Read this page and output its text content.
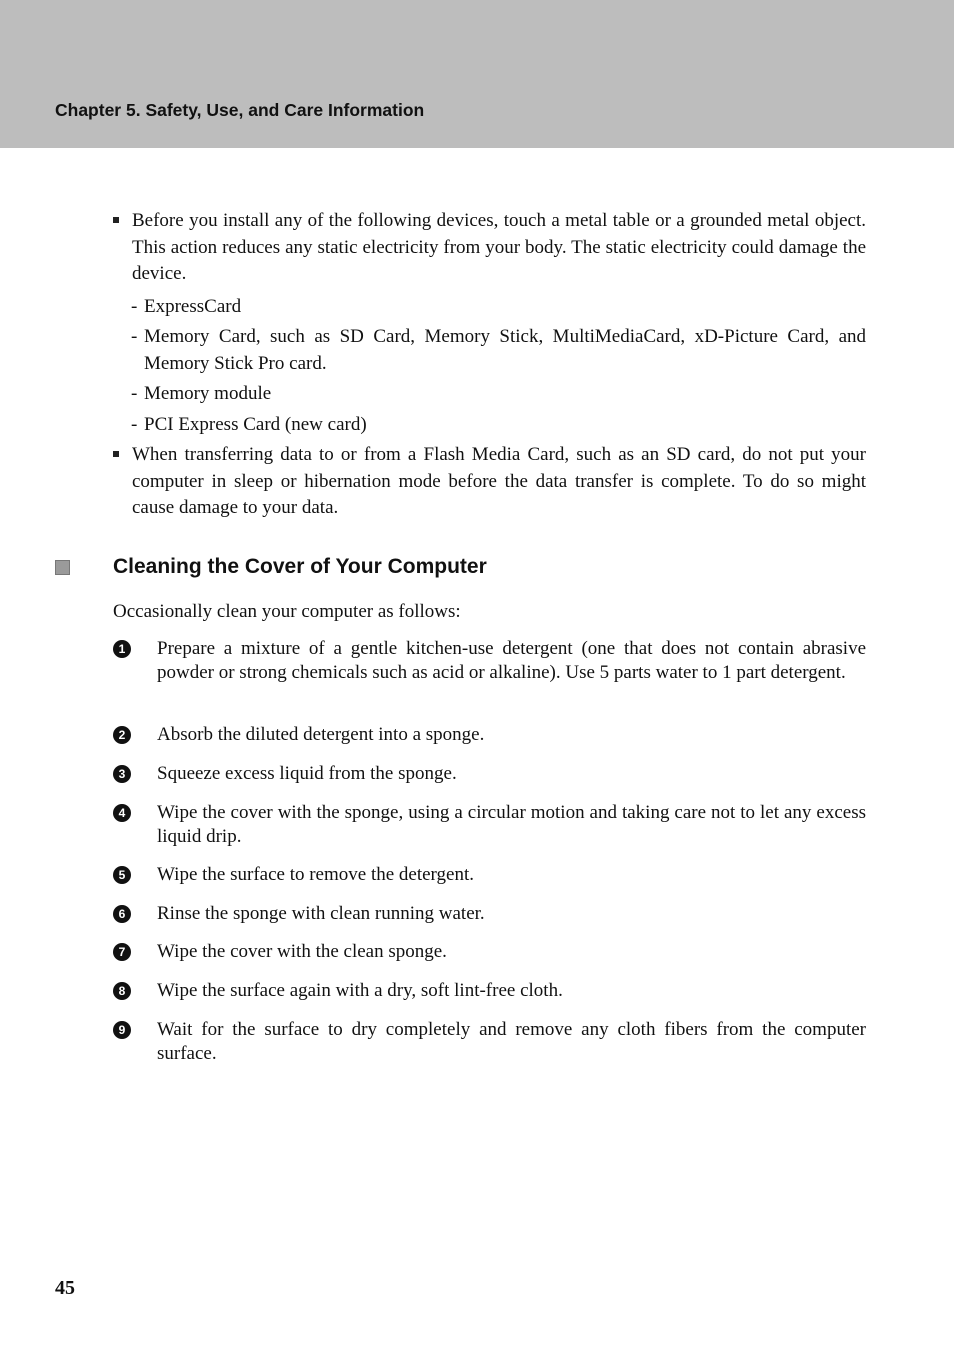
Chapter 5. Safety, Use, and Care Information
Before you install any of the following devices, touch a metal table or a grounded metal object. This action reduces any static electricity from your body. The static electricity could damage the device.
- ExpressCard
- Memory Card, such as SD Card, Memory Stick, MultiMediaCard, xD-Picture Card, and Memory Stick Pro card.
- Memory module
- PCI Express Card (new card)
When transferring data to or from a Flash Media Card, such as an SD card, do not put your computer in sleep or hibernation mode before the data transfer is complete. To do so might cause damage to your data.
Cleaning the Cover of Your Computer
Occasionally clean your computer as follows:
1 Prepare a mixture of a gentle kitchen-use detergent (one that does not contain abrasive powder or strong chemicals such as acid or alkaline). Use 5 parts water to 1 part detergent.
2 Absorb the diluted detergent into a sponge.
3 Squeeze excess liquid from the sponge.
4 Wipe the cover with the sponge, using a circular motion and taking care not to let any excess liquid drip.
5 Wipe the surface to remove the detergent.
6 Rinse the sponge with clean running water.
7 Wipe the cover with the clean sponge.
8 Wipe the surface again with a dry, soft lint-free cloth.
9 Wait for the surface to dry completely and remove any cloth fibers from the computer surface.
45
